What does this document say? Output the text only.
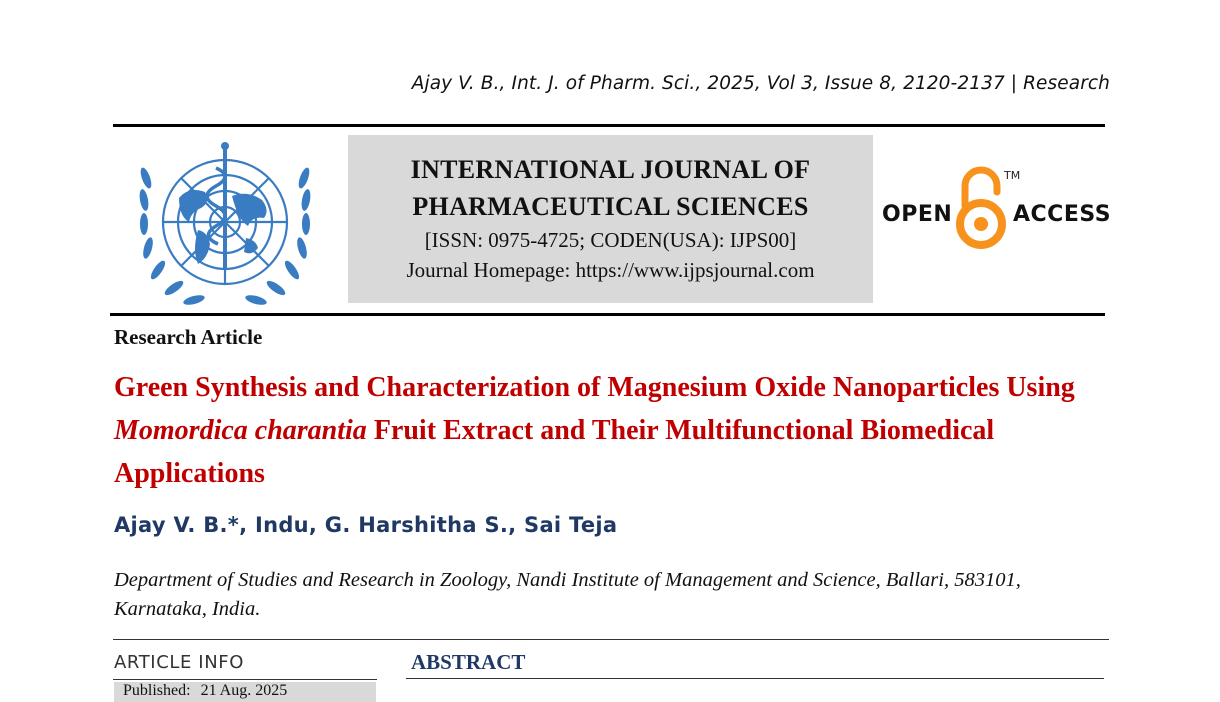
Ajay V. B., Int. J. of Pharm. Sci., 2025, Vol 3, Issue 8, 2120-2137 | Research
INTERNATIONAL JOURNAL OF
PHARMACEUTICAL SCIENCES
[ISSN: 0975-4725; CODEN(USA): IJPS00]
Journal Homepage: https://www.ijpsjournal.com
OPEN
TM
ACCESS
Research Article
Green Synthesis and Characterization of Magnesium Oxide Nanoparticles Using Momordica charantia Fruit Extract and Their Multifunctional Biomedical Applications
Ajay V. B.*, Indu, G. Harshitha S., Sai Teja
Department of Studies and Research in Zoology, Nandi Institute of Management and Science, Ballari, 583101, Karnataka, India.
ARTICLE INFO
Published: 21 Aug. 2025
ABSTRACT
